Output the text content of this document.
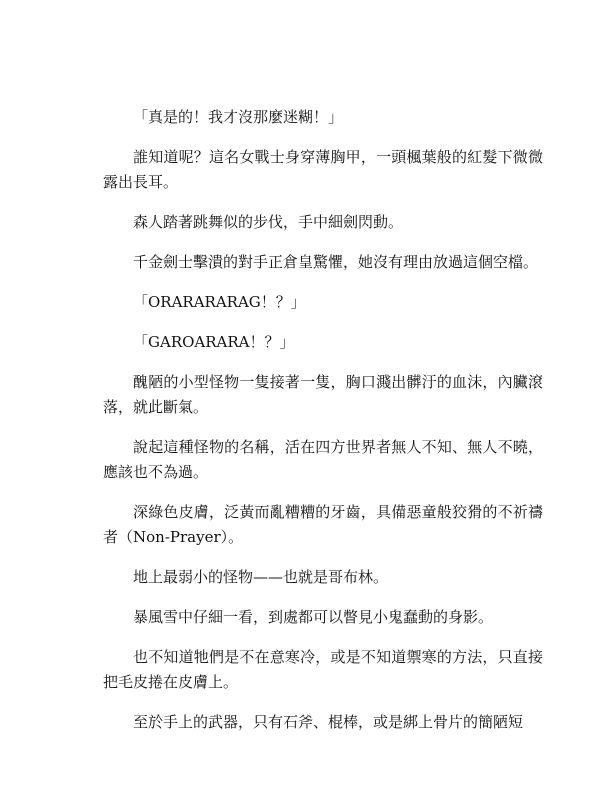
「真是的！我才沒那麼迷糊！」

誰知道呢？這名女戰士身穿薄胸甲，一頭楓葉般的紅髮下微微露出長耳。

森人踏著跳舞似的步伐，手中細劍閃動。

千金劍士擊潰的對手正倉皇驚懼，她沒有理由放過這個空檔。

「ORARARARAG！？」

「GAROARARA！？」

醜陋的小型怪物一隻接著一隻，胸口濺出髒汙的血沫，內臟滾落，就此斷氣。

說起這種怪物的名稱，活在四方世界者無人不知、無人不曉，應該也不為過。

深綠色皮膚，泛黃而亂糟糟的牙齒，具備惡童般狡猾的不祈禱者（Non-Prayer）。

地上最弱小的怪物——也就是哥布林。

暴風雪中仔細一看，到處都可以瞥見小鬼蠢動的身影。

也不知道牠們是不在意寒冷，或是不知道禦寒的方法，只直接把毛皮捲在皮膚上。

至於手上的武器，只有石斧、棍棒，或是綁上骨片的簡陋短
